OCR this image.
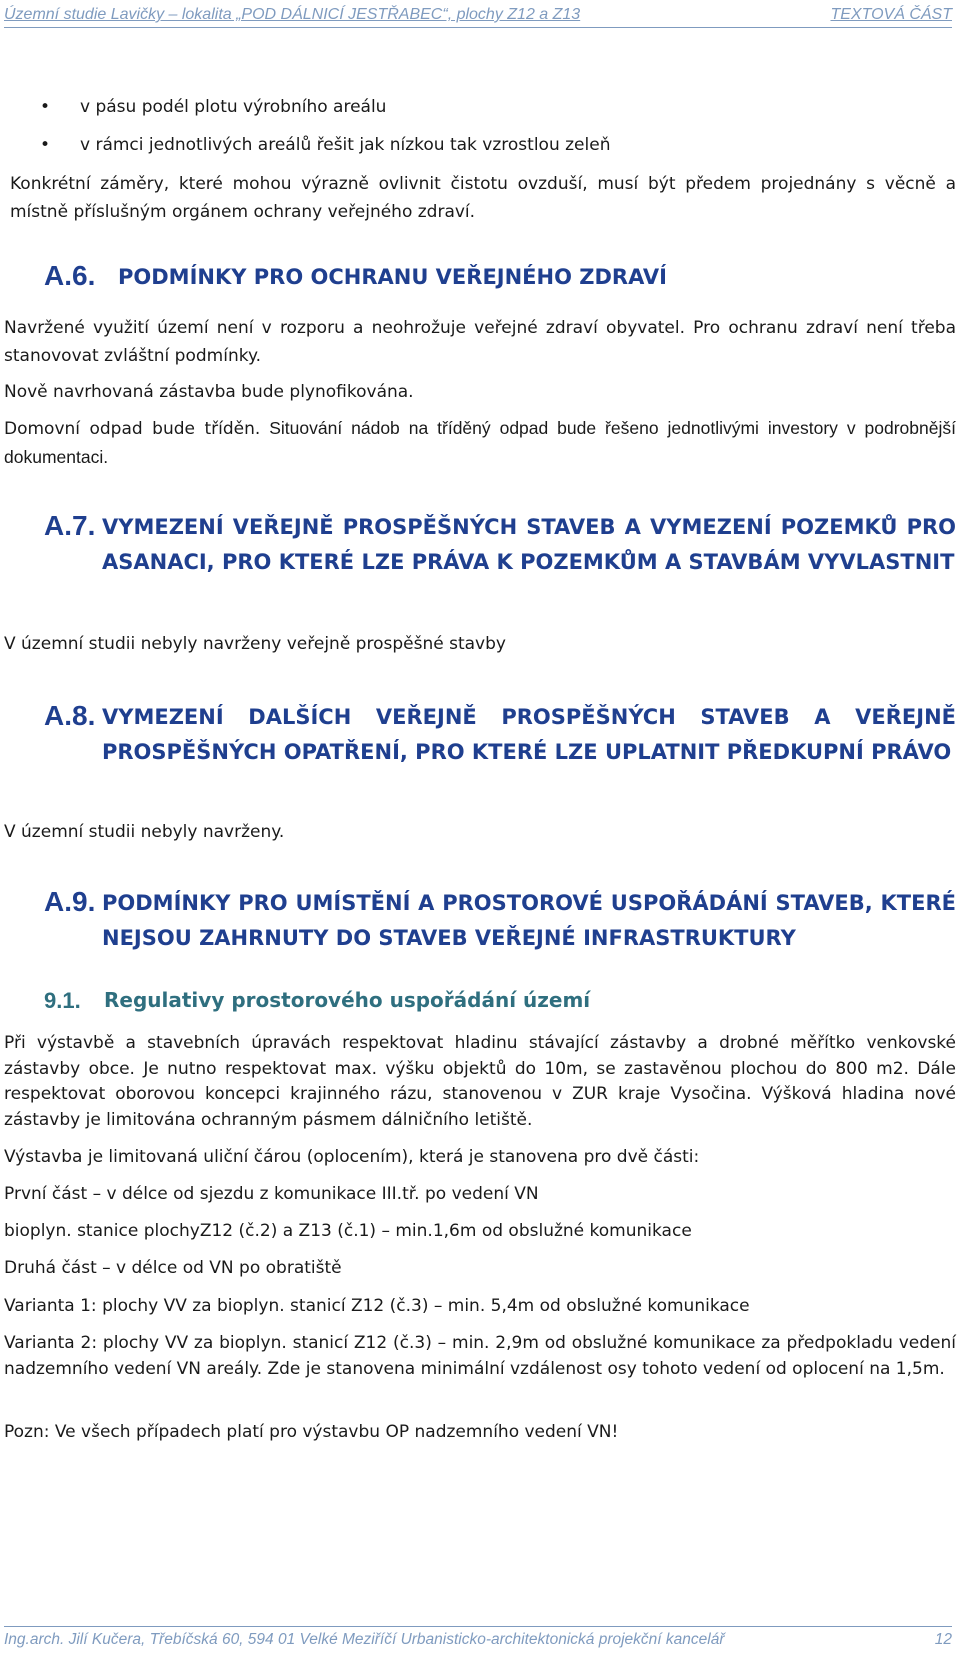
Územní studie Lavičky – lokalita „POD DÁLNICÍ JESTŘABEC“, plochy Z12 a Z13	TEXTOVÁ ČÁST
• v pásu podél plotu výrobního areálu
• v rámci jednotlivých areálů řešit jak nízkou tak vzrostlou zeleň
Konkrétní záměry, které mohou výrazně ovlivnit čistotu ovzduší, musí být předem projednány s věcně a místně příslušným orgánem ochrany veřejného zdraví.
A.6. PODMÍNKY PRO OCHRANU VEŘEJNÉHO ZDRAVÍ
Navržené využití území není v rozporu a neohrožuje veřejné zdraví obyvatel. Pro ochranu zdraví není třeba stanovovat zvláštní podmínky.
Nově navrhovaná zástavba bude plynofikována.
Domovní odpad bude tříděn. Situování nádob na tříděný odpad bude řešeno jednotlivými investory v podrobnější dokumentaci.
A.7. VYMEZENÍ VEŘEJNĚ PROSPĚŠNÝCH STAVEB A VYMEZENÍ POZEMKŮ PRO ASANACI, PRO KTERÉ LZE PRÁVA K POZEMKŮM A STAVBÁM VYVLASTNIT
V územní studii nebyly navrženy veřejně prospěšné stavby
A.8. VYMEZENÍ DALŠÍCH VEŘEJNĚ PROSPĚŠNÝCH STAVEB A VEŘEJNĚ PROSPĚŠNÝCH OPATŘENÍ, PRO KTERÉ LZE UPLATNIT PŘEDKUPNÍ PRÁVO
V územní studii nebyly navrženy.
A.9. PODMÍNKY PRO UMÍSTĚNÍ A PROSTOROVÉ USPOŘÁDÁNÍ STAVEB, KTERÉ NEJSOU ZAHRNUTY DO STAVEB VEŘEJNÉ INFRASTRUKTURY
9.1. Regulativy prostorového uspořádání území
Při výstavbě a stavebních úpravách respektovat hladinu stávající zástavby a drobné měřítko venkovské zástavby obce. Je nutno respektovat max. výšku objektů do 10m, se zastavěnou plochou do 800 m2. Dále respektovat oborovou koncepci krajinného rázu, stanovenou v ZUR kraje Vysočina. Výšková hladina nové zástavby je limitována ochranným pásmem dálničního letiště.
Výstavba je limitovaná uliční čárou (oplocením), která je stanovena pro dvě části:
První část – v délce od sjezdu z komunikace III.tř. po vedení VN
bioplyn. stanice plochyZ12 (č.2) a Z13 (č.1) – min.1,6m od obslužné komunikace
Druhá část – v délce od VN po obratiště
Varianta 1: plochy VV za bioplyn. stanicí Z12 (č.3) – min. 5,4m od obslužné komunikace
Varianta 2: plochy VV za bioplyn. stanicí Z12 (č.3) – min. 2,9m od obslužné komunikace za předpokladu vedení nadzemního vedení VN areály. Zde je stanovena minimální vzdálenost osy tohoto vedení od oplocení na 1,5m.
Pozn: Ve všech případech platí pro výstavbu OP nadzemního vedení VN!
Ing.arch. Jilí Kučera, Třebíčská 60, 594 01 Velké Meziříčí Urbanisticko-architektonická projekční kancelář	12
